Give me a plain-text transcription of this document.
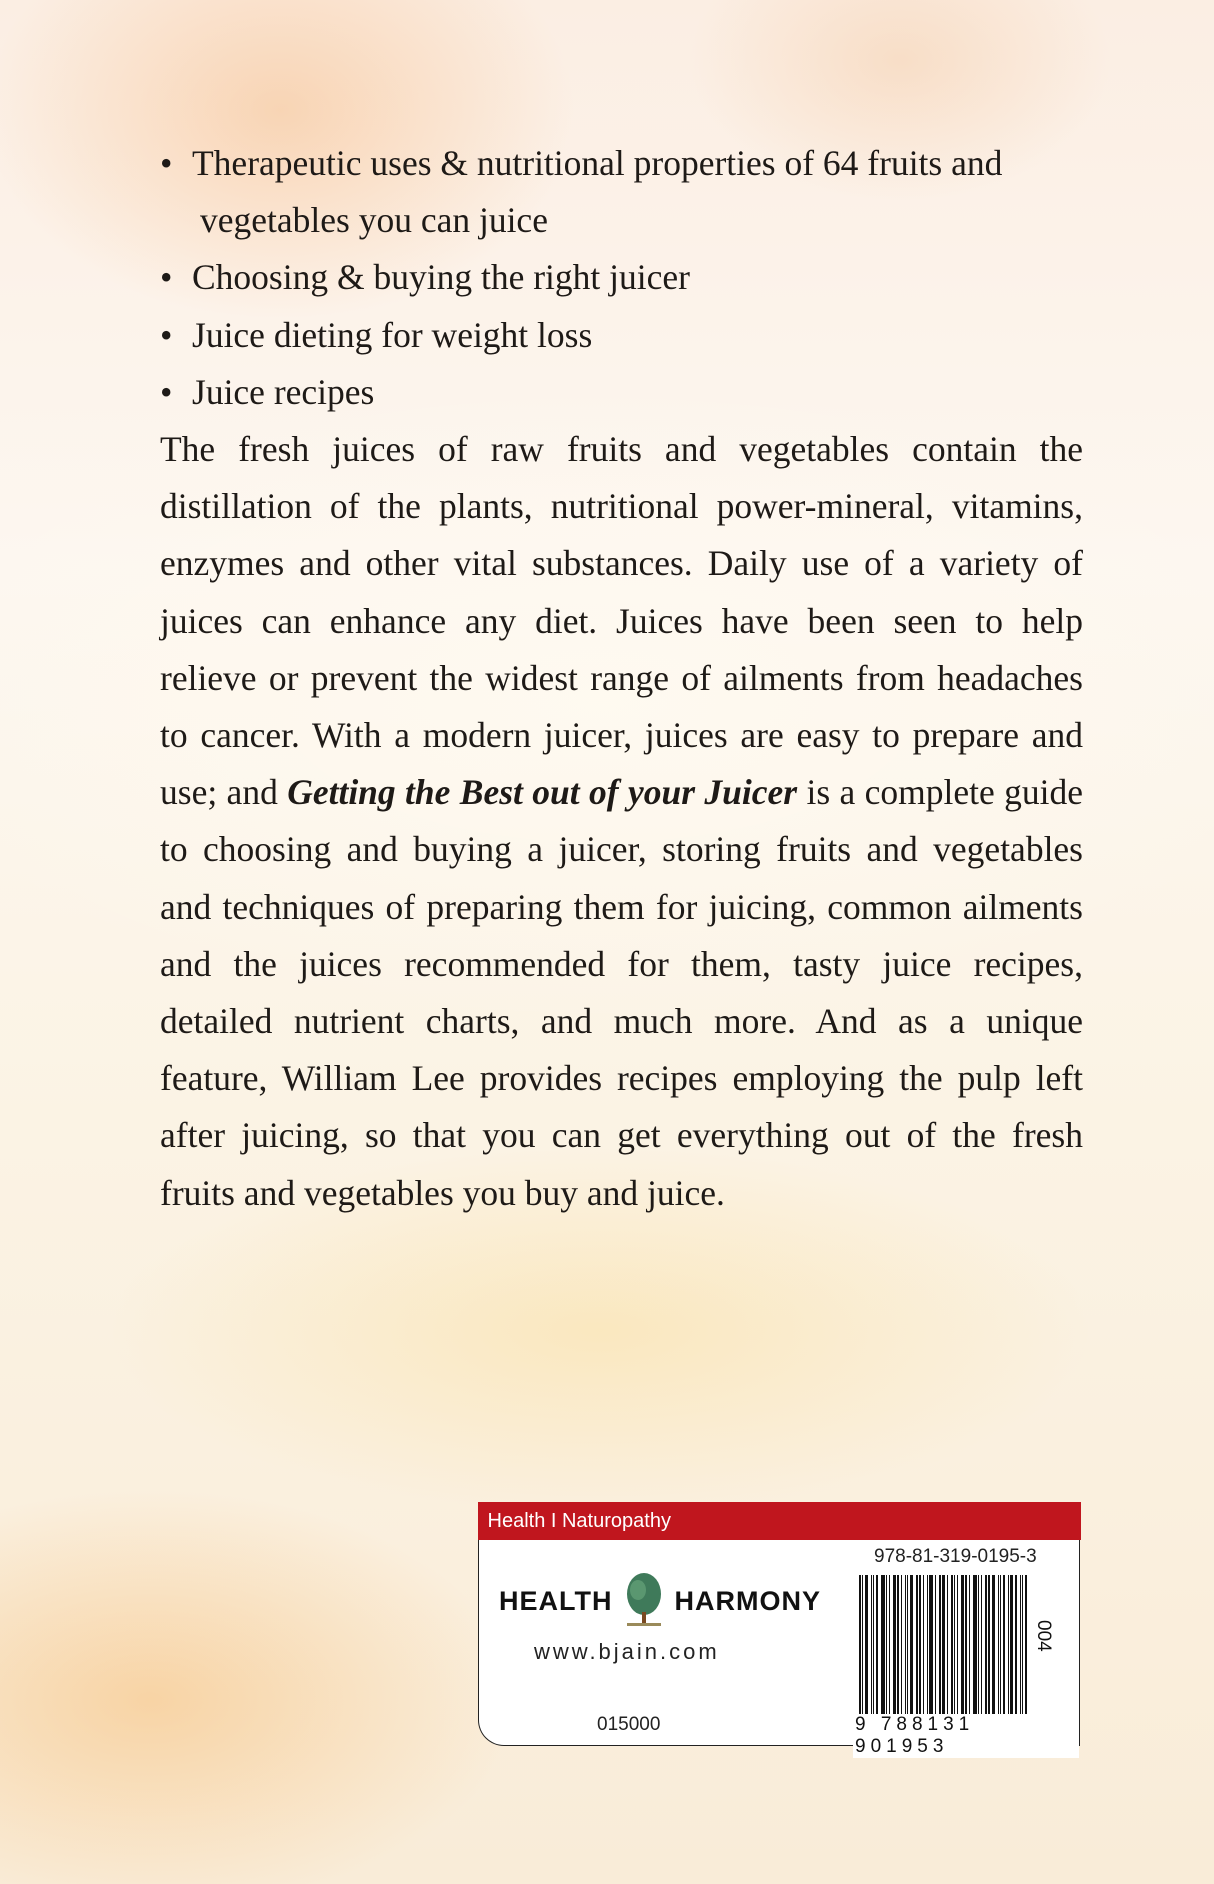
• Therapeutic uses & nutritional properties of 64 fruits and
vegetables you can juice
• Choosing & buying the right juicer
• Juice dieting for weight loss
• Juice recipes
The fresh juices of raw fruits and vegetables contain the distillation of the plants, nutritional power-mineral, vitamins, enzymes and other vital substances. Daily use of a variety of juices can enhance any diet. Juices have been seen to help relieve or prevent the widest range of ailments from headaches to cancer. With a modern juicer, juices are easy to prepare and use; and Getting the Best out of your Juicer is a complete guide to choosing and buying a juicer, storing fruits and vegetables and techniques of preparing them for juicing, common ailments and the juices recommended for them, tasty juice recipes, detailed nutrient charts, and much more. And as a unique feature, William Lee provides recipes employing the pulp left after juicing, so that you can get everything out of the fresh fruits and vegetables you buy and juice.
Health I Naturopathy
HEALTH HARMONY
www.bjain.com
015000
978-81-319-0195-3
9 788131 901953
004
